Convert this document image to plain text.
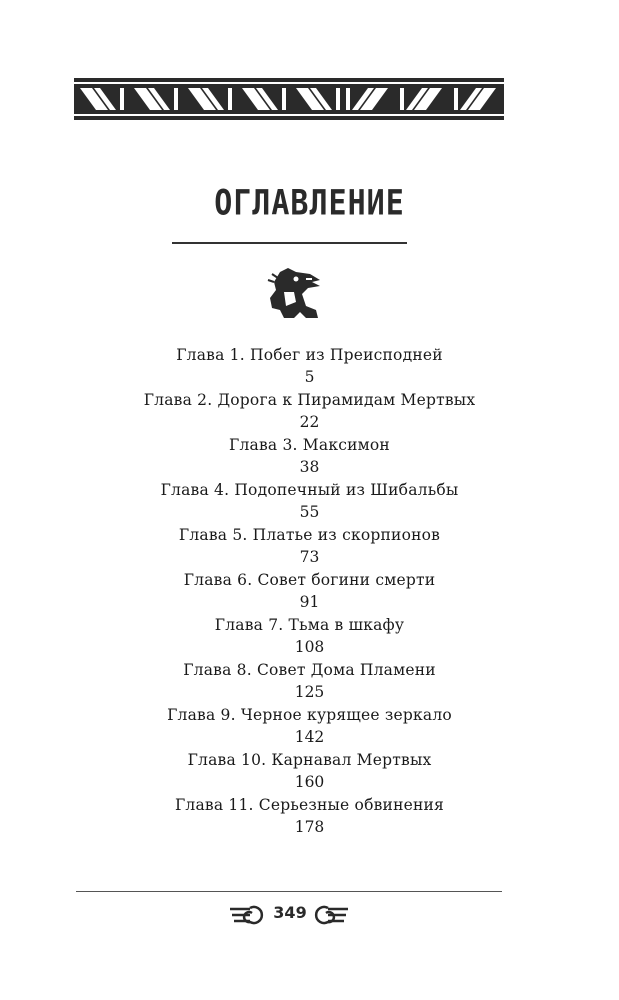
ОГЛАВЛЕНИЕ
Глава 1. Побег из Преисподней
5
Глава 2. Дорога к Пирамидам Мертвых
22
Глава 3. Максимон
38
Глава 4. Подопечный из Шибальбы
55
Глава 5. Платье из скорпионов
73
Глава 6. Совет богини смерти
91
Глава 7. Тьма в шкафу
108
Глава 8. Совет Дома Пламени
125
Глава 9. Черное курящее зеркало
142
Глава 10. Карнавал Мертвых
160
Глава 11. Серьезные обвинения
178
349
